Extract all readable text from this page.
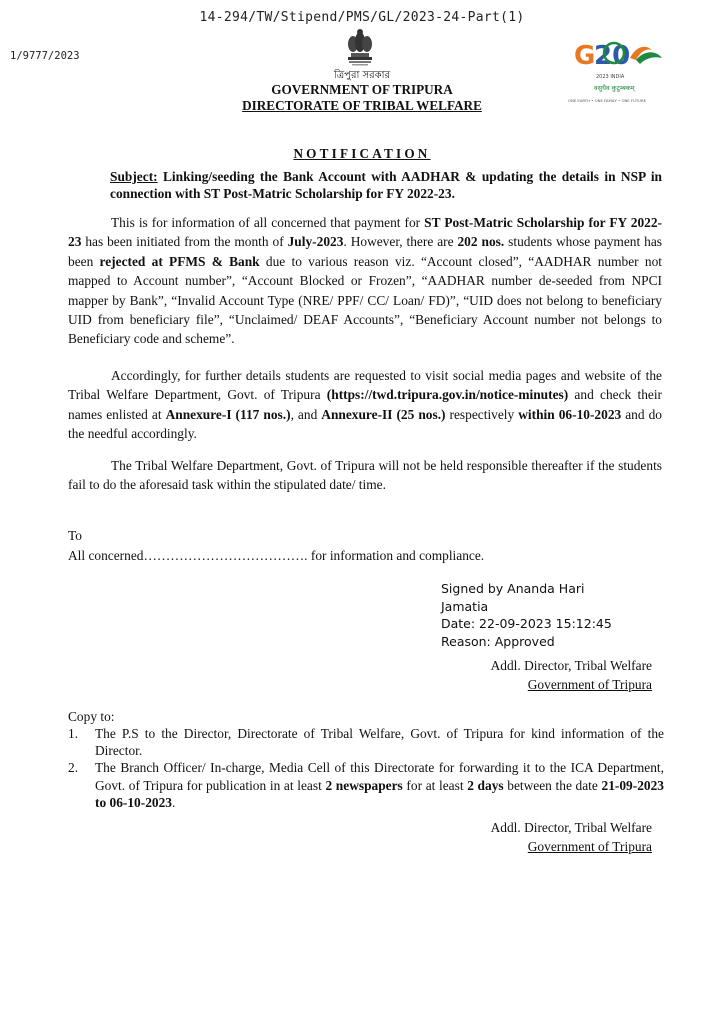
14-294/TW/Stipend/PMS/GL/2023-24-Part(1)
1/9777/2023
ত্রিপুরা সরকার
GOVERNMENT OF TRIPURA
DIRECTORATE OF TRIBAL WELFARE
G
20
2023 INDIA
वसुधैव कुटुम्बकम्
ONE EARTH • ONE FAMILY • ONE FUTURE
NOTIFICATION
Subject: Linking/seeding the Bank Account with AADHAR & updating the details in NSP in connection with ST Post-Matric Scholarship for FY 2022-23.
This is for information of all concerned that payment for ST Post-Matric Scholarship for FY 2022-23 has been initiated from the month of July-2023. However, there are 202 nos. students whose payment has been rejected at PFMS & Bank due to various reason viz. “Account closed”, “AADHAR number not mapped to Account number”, “Account Blocked or Frozen”, “AADHAR number de-seeded from NPCI mapper by Bank”, “Invalid Account Type (NRE/ PPF/ CC/ Loan/ FD)”, “UID does not belong to beneficiary UID from beneficiary file”, “Unclaimed/ DEAF Accounts”, “Beneficiary Account number not belongs to Beneficiary code and scheme”.
Accordingly, for further details students are requested to visit social media pages and website of the Tribal Welfare Department, Govt. of Tripura (https://twd.tripura.gov.in/notice-minutes) and check their names enlisted at Annexure-I (117 nos.), and Annexure-II (25 nos.) respectively within 06-10-2023 and do the needful accordingly.
The Tribal Welfare Department, Govt. of Tripura will not be held responsible thereafter if the students fail to do the aforesaid task within the stipulated date/ time.
To
All concerned………………………………. for information and compliance.
Signed by Ananda Hari
Jamatia
Date: 22-09-2023 15:12:45
Reason: Approved
Addl. Director, Tribal Welfare
Government of Tripura
Copy to:
1. The P.S to the Director, Directorate of Tribal Welfare, Govt. of Tripura for kind information of the Director.
2. The Branch Officer/ In-charge, Media Cell of this Directorate for forwarding it to the ICA Department, Govt. of Tripura for publication in at least 2 newspapers for at least 2 days between the date 21-09-2023 to 06-10-2023.
Addl. Director, Tribal Welfare
Government of Tripura
